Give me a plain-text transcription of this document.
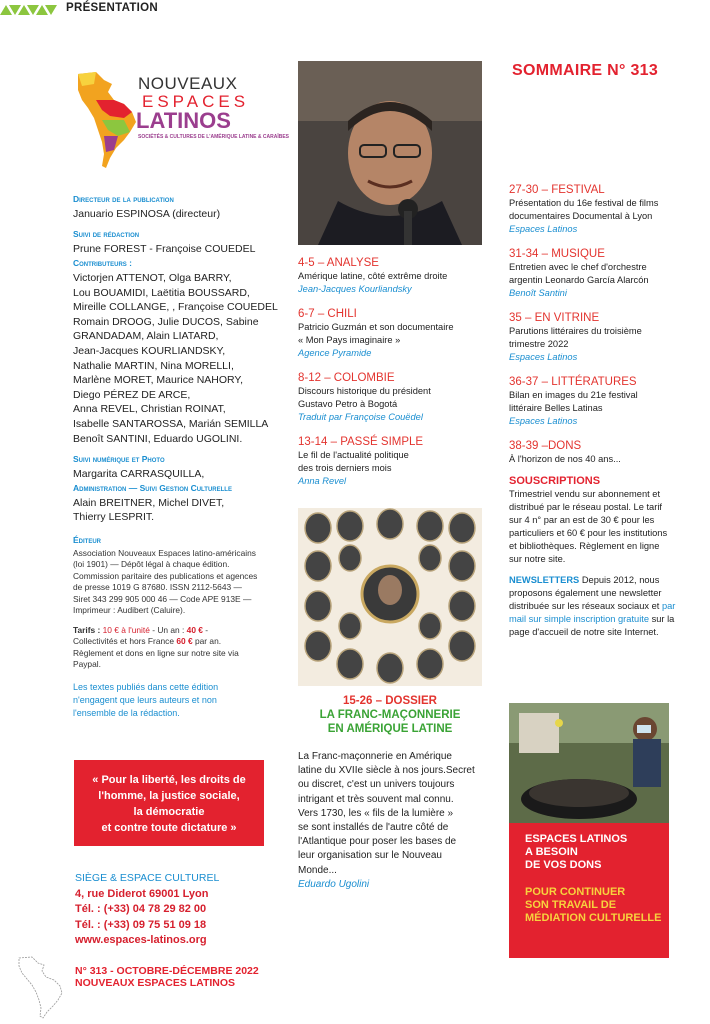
PRÉSENTATION
NOUVEAUX
ESPACES
LATINOS
SOCIÉTÉS & CULTURES DE L'AMÉRIQUE LATINE & CARAÏBES
Directeur de la publication
Januario ESPINOSA (directeur)
Suivi de rédaction
Prune FOREST - Françoise COUEDEL
Contributeurs :
Victorjen ATTENOT, Olga BARRY,
Lou BOUAMIDI, Laëtitia BOUSSARD,
Mireille COLLANGE, , Françoise COUEDEL
Romain DROOG, Julie DUCOS, Sabine
GRANDADAM, Alain LIATARD,
Jean-Jacques KOURLIANDSKY,
Nathalie MARTIN, Nina MORELLI,
Marlène MORET, Maurice NAHORY,
Diego PÉREZ DE ARCE,
Anna REVEL, Christian ROINAT,
Isabelle SANTAROSSA, Marián SEMILLA
Benoît SANTINI, Eduardo UGOLINI.
Suivi numérique et Photo
Margarita CARRASQUILLA,
Administration — Suivi Gestion Culturelle
Alain BREITNER, Michel DIVET,
Thierry LESPRIT.
Éditeur
Association Nouveaux Espaces latino-américains
(loi 1901) — Dépôt légal à chaque édition.
Commission paritaire des publications et agences
de presse 1019 G 87680. ISSN 2112-5643 —
Siret 343 299 905 000 46 — Code APE 913E —
Imprimeur : Audibert (Caluire).
Tarifs : 10 € à l'unité - Un an : 40 € -
Collectivités et hors France 60 € par an.
Règlement et dons en ligne sur notre site via
Paypal.
Les textes publiés dans cette édition
n'engagent que leurs auteurs et non
l'ensemble de la rédaction.
« Pour la liberté, les droits de
l'homme, la justice sociale,
la démocratie
et contre toute dictature »
SIÈGE & ESPACE CULTUREL
4, rue Diderot 69001 Lyon
Tél. : (+33) 04 78 29 82 00
Tél. : (+33) 09 75 51 09 18
www.espaces-latinos.org
N° 313 - OCTOBRE-DÉCEMBRE 2022
NOUVEAUX ESPACES LATINOS
4-5 – ANALYSE
Amérique latine, côté extrême droite
Jean-Jacques Kourliandsky
6-7 – CHILI
Patricio Guzmán et son documentaire
« Mon Pays imaginaire »
Agence Pyramide
8-12 – COLOMBIE
Discours historique du président
Gustavo Petro à Bogotá
Traduit par Françoise Couëdel
13-14 – PASSÉ SIMPLE
Le fil de l'actualité politique
des trois derniers mois
Anna Revel
15-26 – DOSSIER
LA FRANC-MAÇONNERIE
EN AMÉRIQUE LATINE
La Franc-maçonnerie en Amérique
latine du XVIIe siècle à nos jours.Secret
ou discret, c'est un univers toujours
intrigant et très souvent mal connu.
Vers 1730, les « fils de la lumière »
se sont installés de l'autre côté de
l'Atlantique pour poser les bases de
leur organisation sur le Nouveau
Monde...
Eduardo Ugolini
SOMMAIRE N° 313
27-30 – FESTIVAL
Présentation du 16e festival de films
documentaires Documental à Lyon
Espaces Latinos
31-34 – MUSIQUE
Entretien avec le chef d'orchestre
argentin Leonardo García Alarcón
Benoît Santini
35 – EN VITRINE
Parutions littéraires du troisième
trimestre 2022
Espaces Latinos
36-37 – LITTÉRATURES
Bilan en images du 21e festival
littéraire Belles Latinas
Espaces Latinos
38-39 –DONS
À l'horizon de nos 40 ans...
SOUSCRIPTIONS
Trimestriel vendu sur abonnement et
distribué par le réseau postal. Le tarif
sur 4 n° par an est de 30 € pour les
particuliers et 60 € pour les institutions
et bibliothèques. Règlement en ligne
sur notre site.
NEWSLETTERS Depuis 2012, nous
proposons également une newsletter
distribuée sur les réseaux sociaux et par
mail sur simple inscription gratuite sur la
page d'accueil de notre site Internet.
ESPACES LATINOS
A BESOIN
DE VOS DONS
POUR CONTINUER
SON TRAVAIL DE
MÉDIATION CULTURELLE
